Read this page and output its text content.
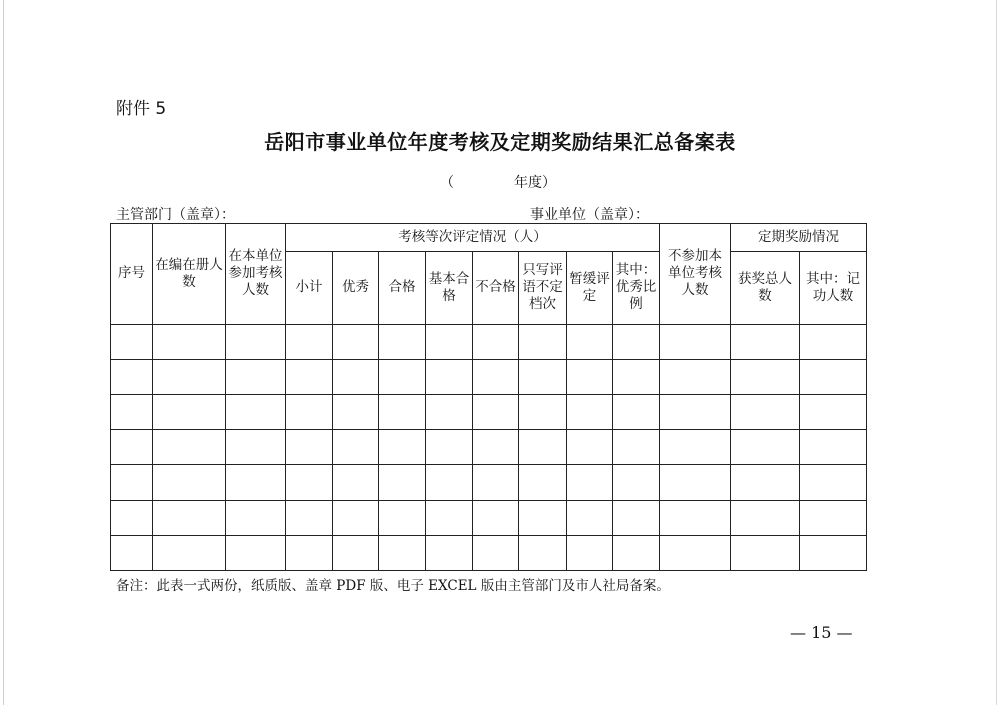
附件 5
岳阳市事业单位年度考核及定期奖励结果汇总备案表
（	年度）
主管部门（盖章）：	事业单位（盖章）：
序号	在编在册人数	在本单位参加考核人数	考核等次评定情况（人）								不参加本单位考核人数	定期奖励情况	
			小计	优秀	合格	基本合格	不合格	只写评语不定档次	暂缓评定	其中：优秀比例		获奖总人数	其中：记功人数

备注：此表一式两份，纸质版、盖章 PDF 版、电子 EXCEL 版由主管部门及市人社局备案。
— 15 —
